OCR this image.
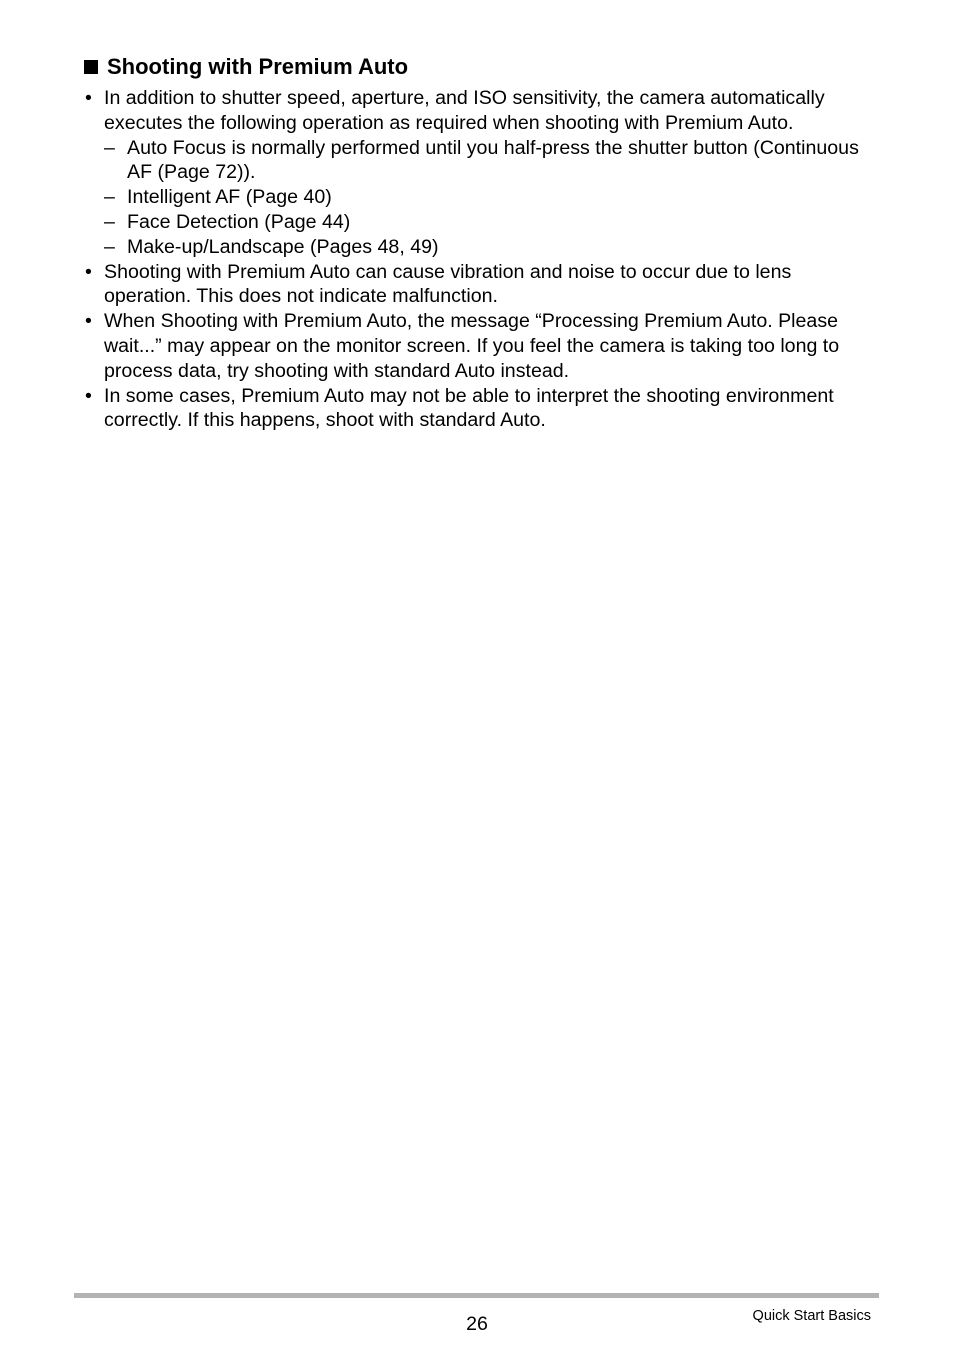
Shooting with Premium Auto
• In addition to shutter speed, aperture, and ISO sensitivity, the camera automatically executes the following operation as required when shooting with Premium Auto.
– Auto Focus is normally performed until you half-press the shutter button (Continuous AF (Page 72)).
– Intelligent AF (Page 40)
– Face Detection (Page 44)
– Make-up/Landscape (Pages 48, 49)
• Shooting with Premium Auto can cause vibration and noise to occur due to lens operation. This does not indicate malfunction.
• When Shooting with Premium Auto, the message “Processing Premium Auto. Please wait...” may appear on the monitor screen. If you feel the camera is taking too long to process data, try shooting with standard Auto instead.
• In some cases, Premium Auto may not be able to interpret the shooting environment correctly. If this happens, shoot with standard Auto.
26	Quick Start Basics
